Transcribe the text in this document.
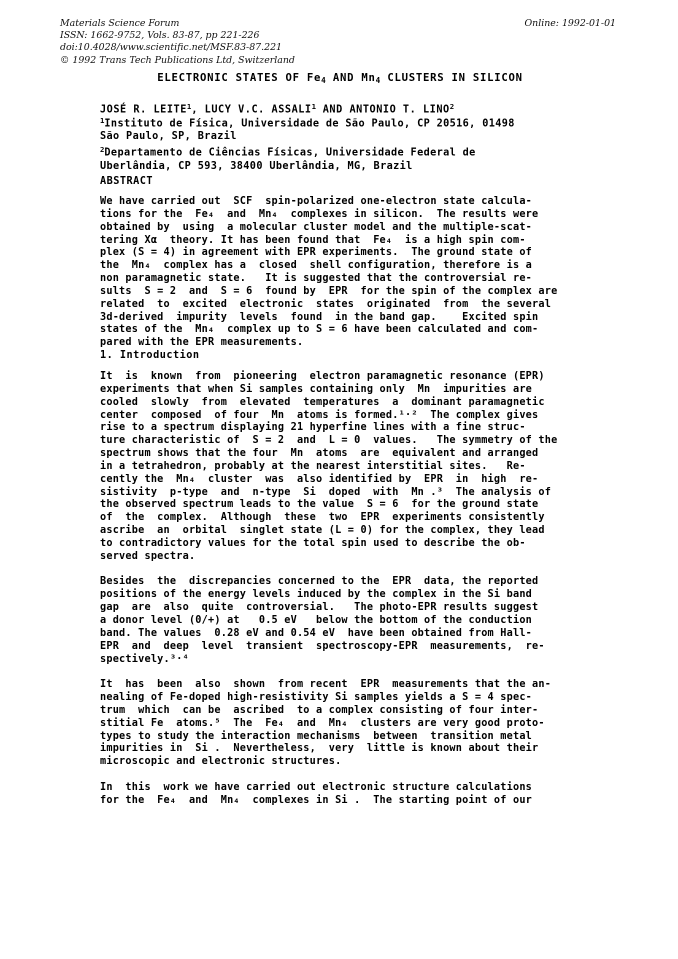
Materials Science Forum	Online: 1992-01-01
ISSN: 1662-9752, Vols. 83-87, pp 221-226
doi:10.4028/www.scientific.net/MSF.83-87.221
© 1992 Trans Tech Publications Ltd, Switzerland
ELECTRONIC STATES OF $Fe_4$ AND $Mn_4$ CLUSTERS IN SILICON
JOSÉ R. LEITE$^1$, LUCY V.C. ASSALI$^1$ AND ANTONIO T. LINO$^2$
$^1$Instituto de Física, Universidade de São Paulo, CP 20516, 01498
São Paulo, SP, Brazil
$^2$Departamento de Ciências Físicas, Universidade Federal de
Uberlândia, CP 593, 38400 Uberlândia, MG, Brazil
ABSTRACT

We have carried out  SCF  spin-polarized one-electron state calcula-
tions for the  Fe₄  and  Mn₄  complexes in silicon.  The results were
obtained by  using  a molecular cluster model and the multiple-scat-
tering Xα  theory. It has been found that  Fe₄  is a high spin com-
plex (S = 4) in agreement with EPR experiments.  The ground state of
the  Mn₄  complex has a  closed  shell configuration, therefore is a
non paramagnetic state.   It is suggested that the controversial re-
sults  S = 2  and  S = 6  found by  EPR  for the spin of the complex are
related  to  excited  electronic  states  originated  from  the several
3d-derived  impurity  levels  found  in the band gap.    Excited spin
states of the  Mn₄  complex up to S = 6 have been calculated and com-
pared with the EPR measurements.

1. Introduction

It  is  known  from  pioneering  electron paramagnetic resonance (EPR)
experiments that when Si samples containing only  Mn  impurities are
cooled  slowly  from  elevated  temperatures  a  dominant paramagnetic
center  composed  of four  Mn  atoms is formed.¹·²  The complex gives
rise to a spectrum displaying 21 hyperfine lines with a fine struc-
ture characteristic of  S = 2  and  L = 0  values.   The symmetry of the
spectrum shows that the four  Mn  atoms  are  equivalent and arranged
in a tetrahedron, probably at the nearest interstitial sites.   Re-
cently the  Mn₄  cluster  was  also identified by  EPR  in  high  re-
sistivity  p-type  and  n-type  Si  doped  with  Mn .³  The analysis of
the observed spectrum leads to the value  S = 6  for the ground state
of  the  complex.  Although  these  two  EPR  experiments consistently
ascribe  an  orbital  singlet state (L = 0) for the complex, they lead
to contradictory values for the total spin used to describe the ob-
served spectra.

Besides  the  discrepancies concerned to the  EPR  data, the reported
positions of the energy levels induced by the complex in the Si band
gap  are  also  quite  controversial.   The photo-EPR results suggest
a donor level (0/+) at   0.5 eV   below the bottom of the conduction
band. The values  0.28 eV and 0.54 eV  have been obtained from Hall-
EPR  and  deep  level  transient  spectroscopy-EPR  measurements,  re-
spectively.³·⁴

It  has  been  also  shown  from recent  EPR  measurements that the an-
nealing of Fe-doped high-resistivity Si samples yields a S = 4 spec-
trum  which  can be  ascribed  to a complex consisting of four inter-
stitial Fe  atoms.⁵  The  Fe₄  and  Mn₄  clusters are very good proto-
types to study the interaction mechanisms  between  transition metal
impurities in  Si .  Nevertheless,  very  little is known about their
microscopic and electronic structures.

In  this  work we have carried out electronic structure calculations
for the  Fe₄  and  Mn₄  complexes in Si .  The starting point of our
